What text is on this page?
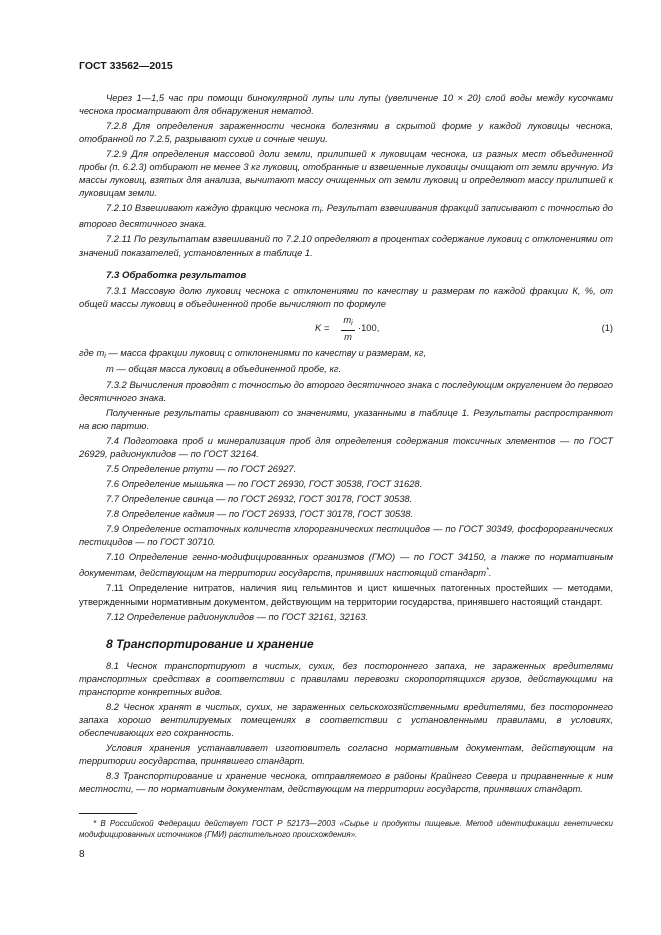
ГОСТ 33562—2015

Через 1—1,5 час при помощи бинокулярной лупы или лупы (увеличение 10 × 20) слой воды между кусочками чеснока просматривают для обнаружения нематод.

7.2.8 Для определения зараженности чеснока болезнями в скрытой форме у каждой луковицы чеснока, отобранной по 7.2.5, разрывают сухие и сочные чешуи.

7.2.9 Для определения массовой доли земли, прилипшей к луковицам чеснока, из разных мест объединенной пробы (п. 6.2.3) отбирают не менее 3 кг луковиц, отобранные и взвешенные луковицы очищают от земли вручную. Из массы луковиц, взятых для анализа, вычитают массу очищенных от земли луковиц и определяют массу прилипшей к луковицам земли.

7.2.10 Взвешивают каждую фракцию чеснока $m_i$. Результат взвешивания фракций записывают с точностью до второго десятичного знака.

7.2.11 По результатам взвешиваний по 7.2.10 определяют в процентах содержание луковиц с отклонениями от значений показателей, установленных в таблице 1.

7.3 Обработка результатов

7.3.1 Массовую долю луковиц чеснока с отклонениями по качеству и размерам по каждой фракции К, %, от общей массы луковиц в объединенной пробе вычисляют по формуле

$K = \frac{m_i}{m} \cdot 100$,	(1)

где $m_i$ — масса фракции луковиц с отклонениями по качеству и размерам, кг,

m — общая масса луковиц в объединенной пробе, кг.

7.3.2 Вычисления проводят с точностью до второго десятичного знака с последующим округлением до первого десятичного знака.

Полученные результаты сравнивают со значениями, указанными в таблице 1. Результаты распространяют на всю партию.

7.4 Подготовка проб и минерализация проб для определения содержания токсичных элементов — по ГОСТ 26929, радионуклидов — по ГОСТ 32164.

7.5 Определение ртути — по ГОСТ 26927.

7.6 Определение мышьяка — по ГОСТ 26930, ГОСТ 30538, ГОСТ 31628.

7.7 Определение свинца — по ГОСТ 26932, ГОСТ 30178, ГОСТ 30538.

7.8 Определение кадмия — по ГОСТ 26933, ГОСТ 30178, ГОСТ 30538.

7.9 Определение остаточных количеств хлорорганических пестицидов — по ГОСТ 30349, фосфорорганических пестицидов — по ГОСТ 30710.

7.10 Определение генно-модифицированных организмов (ГМО) — по ГОСТ 34150, а также по нормативным документам, действующим на территории государств, принявших настоящий стандарт*.

7.11 Определение нитратов, наличия яиц гельминтов и цист кишечных патогенных простейших — методами, утвержденными нормативным документом, действующим на территории государства, принявшего настоящий стандарт.

7.12 Определение радионуклидов — по ГОСТ 32161, 32163.

8 Транспортирование и хранение

8.1 Чеснок транспортируют в чистых, сухих, без постороннего запаха, не зараженных вредителями транспортных средствах в соответствии с правилами перевозки скоропортящихся грузов, действующими на транспорте конкретных видов.

8.2 Чеснок хранят в чистых, сухих, не зараженных сельскохозяйственными вредителями, без постороннего запаха хорошо вентилируемых помещениях в соответствии с установленными правилами, в условиях, обеспечивающих его сохранность.

Условия хранения устанавливает изготовитель согласно нормативным документам, действующим на территории государства, принявшего стандарт.

8.3 Транспортирование и хранение чеснока, отправляемого в районы Крайнего Севера и приравненные к ним местности, — по нормативным документам, действующим на территории государств, принявших стандарт.

* В Российской Федерации действует ГОСТ Р 52173—2003 «Сырье и продукты пищевые. Метод идентификации генетически модифицированных источников (ГМИ) растительного происхождения».
8
